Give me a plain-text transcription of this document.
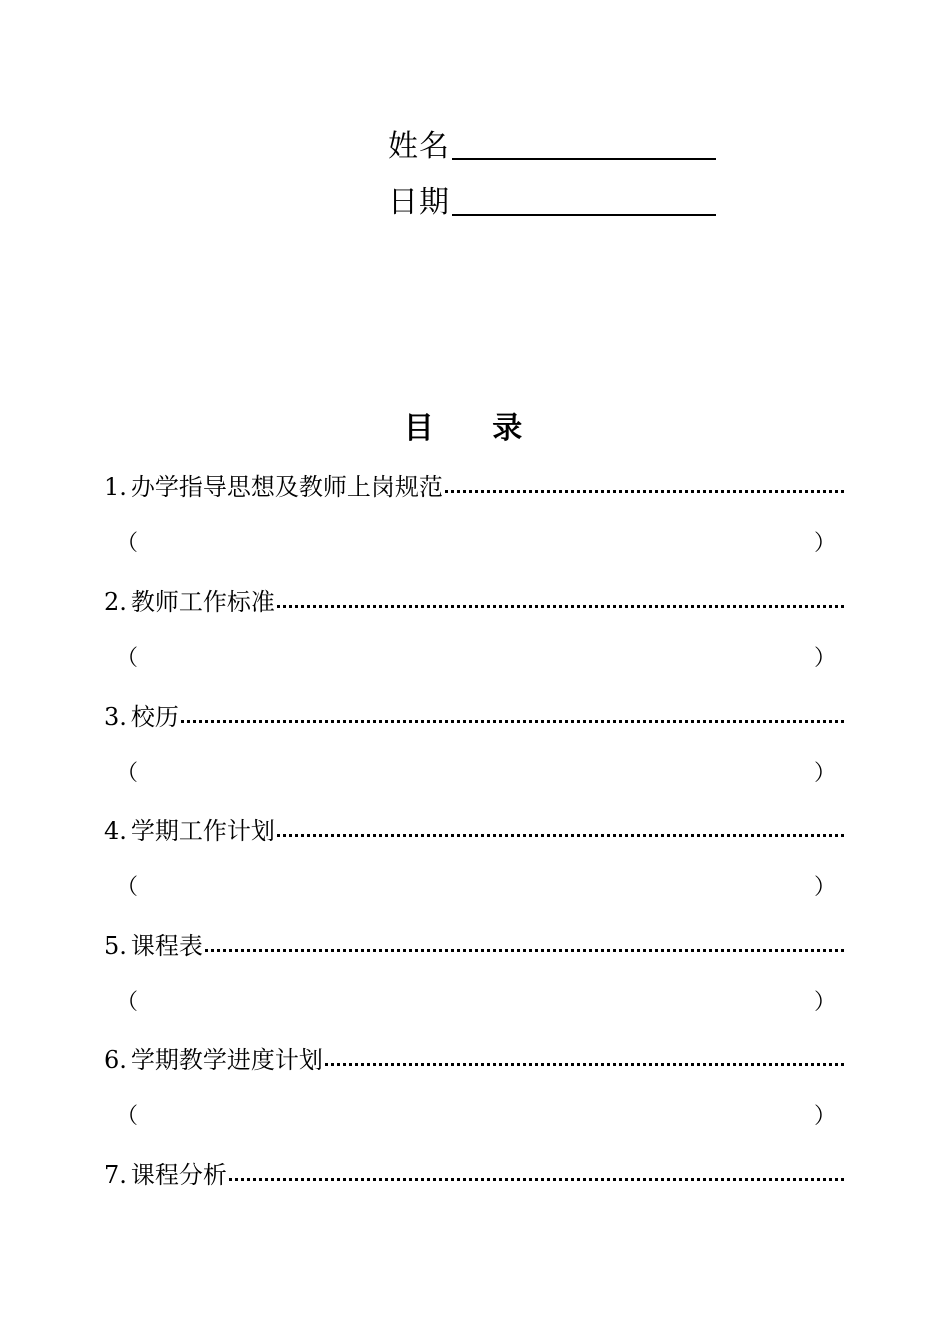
姓名
日期
目 录
1. 办学指导思想及教师上岗规范
（	）
2. 教师工作标准
（	）
3. 校历
（	）
4. 学期工作计划
（	）
5. 课程表
（	）
6. 学期教学进度计划
（	）
7. 课程分析
